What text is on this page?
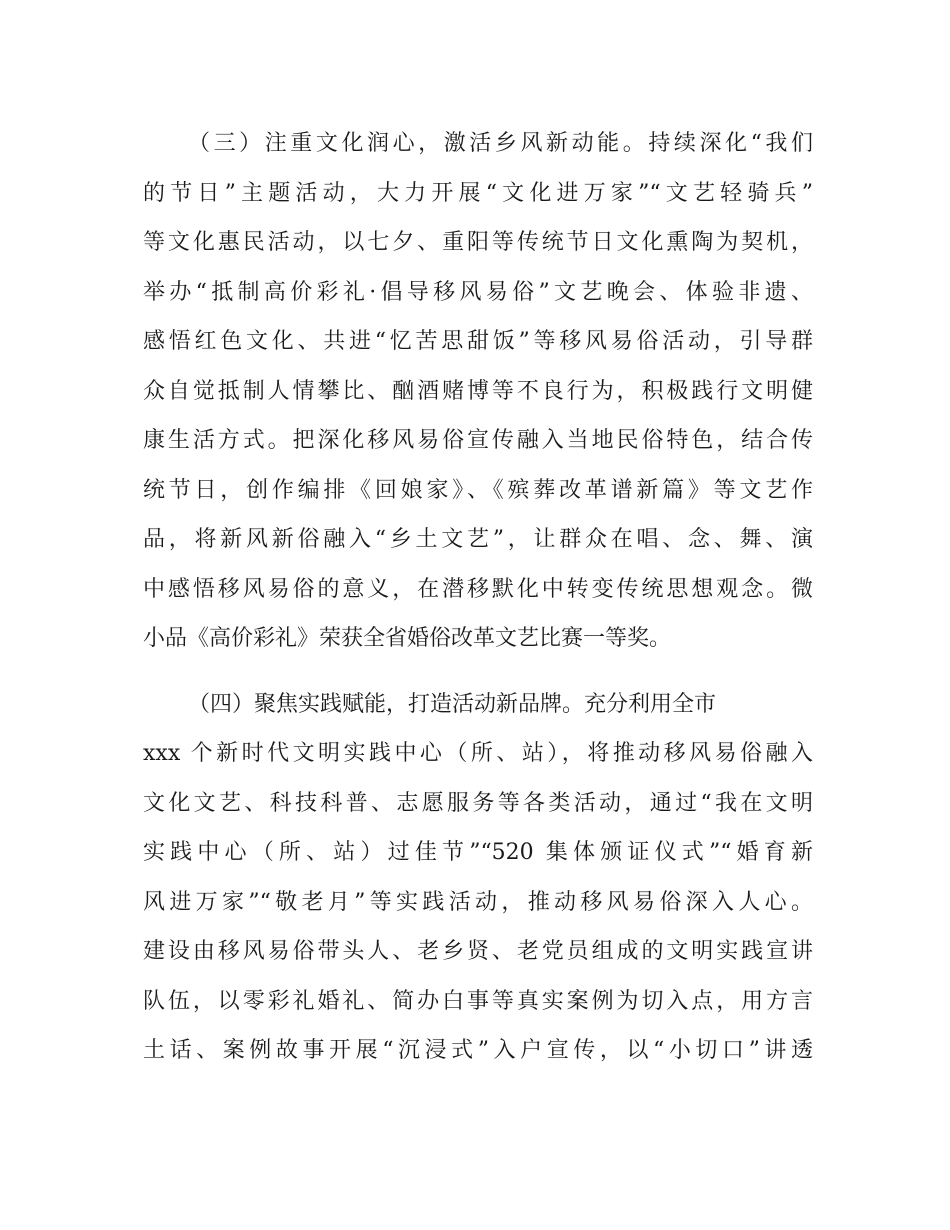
（三）注重文化润心，激活乡风新动能。持续深化“我们
的节日”主题活动，大力开展“文化进万家”“文艺轻骑兵”
等文化惠民活动，以七夕、重阳等传统节日文化熏陶为契机，
举办“抵制高价彩礼·倡导移风易俗”文艺晚会、体验非遗、
感悟红色文化、共进“忆苦思甜饭”等移风易俗活动，引导群
众自觉抵制人情攀比、酗酒赌博等不良行为，积极践行文明健
康生活方式。把深化移风易俗宣传融入当地民俗特色，结合传
统节日，创作编排《回娘家》、《殡葬改革谱新篇》等文艺作
品，将新风新俗融入“乡土文艺”，让群众在唱、念、舞、演
中感悟移风易俗的意义，在潜移默化中转变传统思想观念。微
小品《高价彩礼》荣获全省婚俗改革文艺比赛一等奖。
（四）聚焦实践赋能，打造活动新品牌。充分利用全市
xxx 个新时代文明实践中心（所、站），将推动移风易俗融入
文化文艺、科技科普、志愿服务等各类活动，通过“我在文明
实践中心（所、站）过佳节”“520 集体颁证仪式”“婚育新
风进万家”“敬老月”等实践活动，推动移风易俗深入人心。
建设由移风易俗带头人、老乡贤、老党员组成的文明实践宣讲
队伍，以零彩礼婚礼、简办白事等真实案例为切入点，用方言
土话、案例故事开展“沉浸式”入户宣传，以“小切口”讲透
